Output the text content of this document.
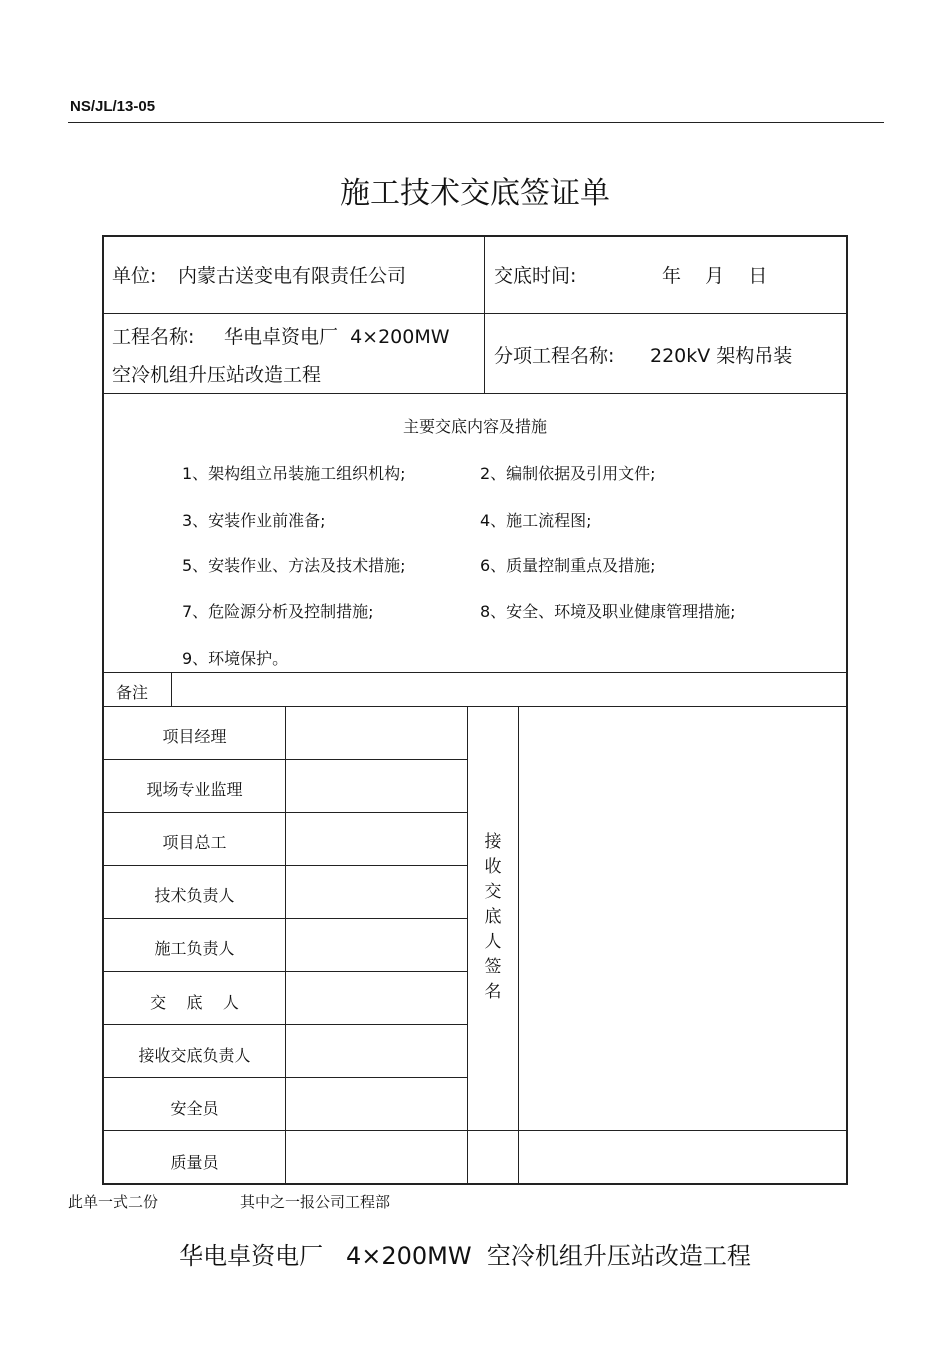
NS/JL/13-05
施工技术交底签证单
单位: 内蒙古送变电有限责任公司	交底时间:	年    月    日
工程名称: 华电卓资电厂  4×200MW
空冷机组升压站改造工程
分项工程名称: 220kV 架构吊装
主要交底内容及措施
1、架构组立吊装施工组织机构;	2、编制依据及引用文件;
3、安装作业前准备;	4、施工流程图;
5、安装作业、方法及技术措施;	6、质量控制重点及措施;
7、危险源分析及控制措施;	8、安全、环境及职业健康管理措施;
9、环境保护。
备注
项目经理
现场专业监理
项目总工
技术负责人
施工负责人
交    底    人
接收交底负责人
安全员
质量员
接
收
交
底
人
签
名
此单一式二份	其中之一报公司工程部
华电卓资电厂   4×200MW  空冷机组升压站改造工程
